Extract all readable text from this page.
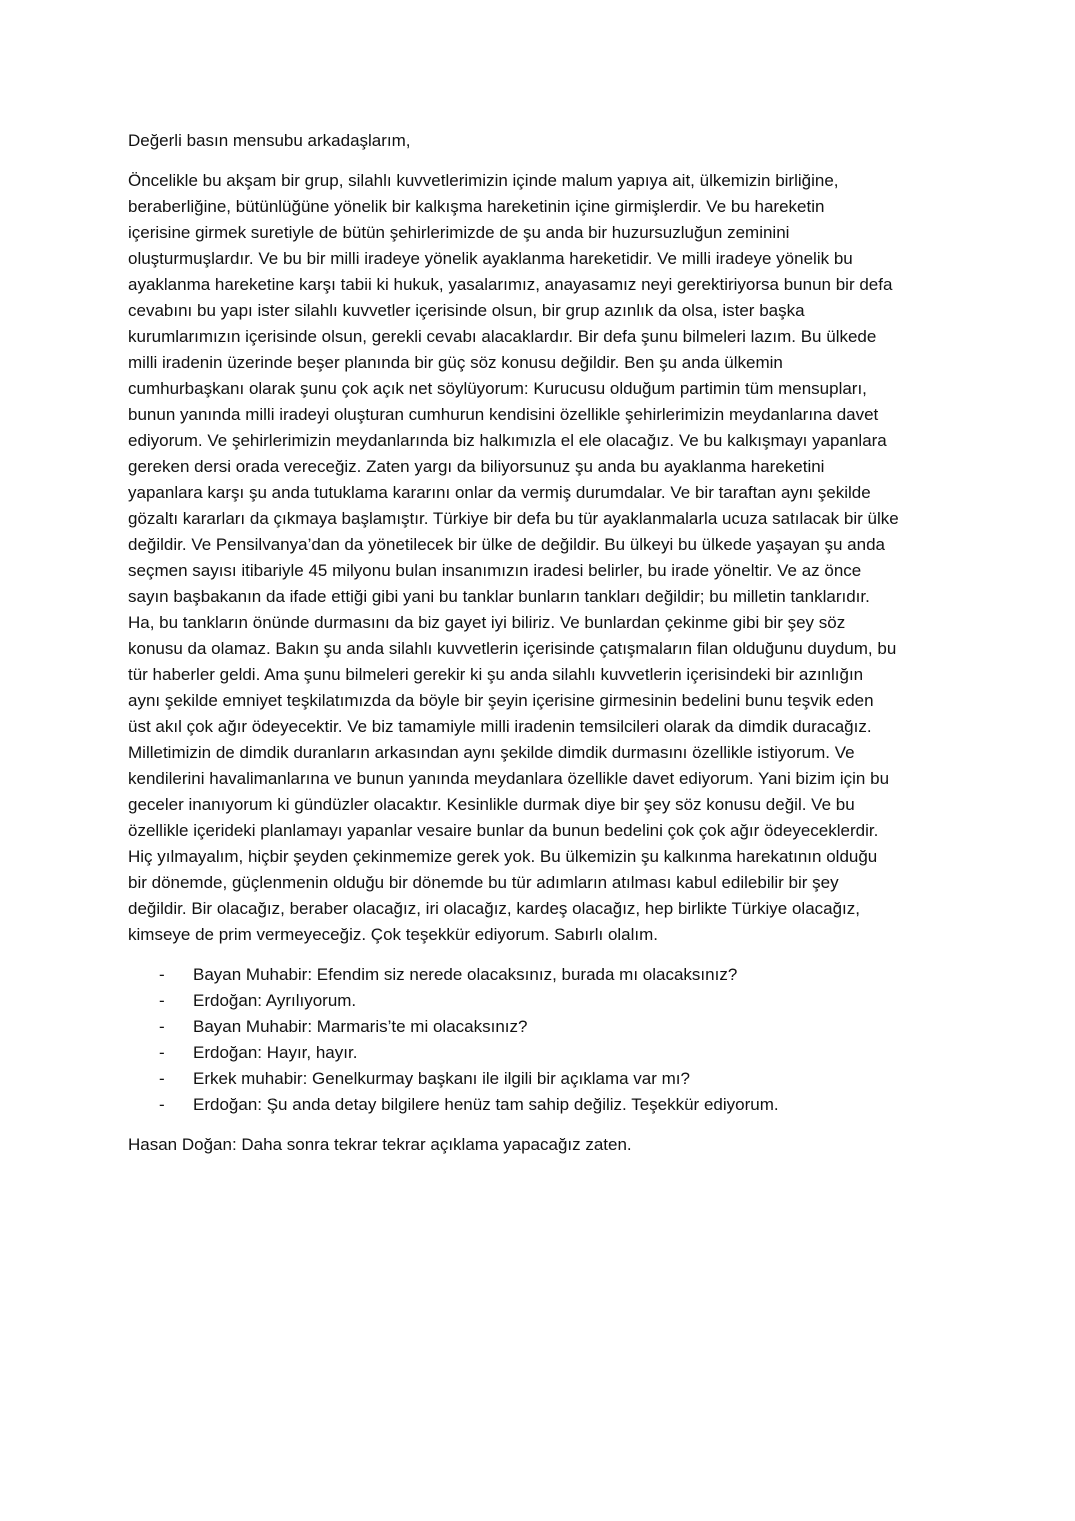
Değerli basın mensubu arkadaşlarım,

Öncelikle bu akşam bir grup, silahlı kuvvetlerimizin içinde malum yapıya ait, ülkemizin birliğine,
beraberliğine, bütünlüğüne yönelik bir kalkışma hareketinin içine girmişlerdir. Ve bu hareketin
içerisine girmek suretiyle de bütün şehirlerimizde de şu anda bir huzursuzluğun zeminini
oluşturmuşlardır. Ve bu bir milli iradeye yönelik ayaklanma hareketidir. Ve milli iradeye yönelik bu
ayaklanma hareketine karşı tabii ki hukuk, yasalarımız, anayasamız neyi gerektiriyorsa bunun bir defa
cevabını bu yapı ister silahlı kuvvetler içerisinde olsun, bir grup azınlık da olsa, ister başka
kurumlarımızın içerisinde olsun, gerekli cevabı alacaklardır. Bir defa şunu bilmeleri lazım. Bu ülkede
milli iradenin üzerinde beşer planında bir güç söz konusu değildir. Ben şu anda ülkemin
cumhurbaşkanı olarak şunu çok açık net söylüyorum: Kurucusu olduğum partimin tüm mensupları,
bunun yanında milli iradeyi oluşturan cumhurun kendisini özellikle şehirlerimizin meydanlarına davet
ediyorum. Ve şehirlerimizin meydanlarında biz halkımızla el ele olacağız. Ve bu kalkışmayı yapanlara
gereken dersi orada vereceğiz. Zaten yargı da biliyorsunuz şu anda bu ayaklanma hareketini
yapanlara karşı şu anda tutuklama kararını onlar da vermiş durumdalar. Ve bir taraftan aynı şekilde
gözaltı kararları da çıkmaya başlamıştır. Türkiye bir defa bu tür ayaklanmalarla ucuza satılacak bir ülke
değildir. Ve Pensilvanya’dan da yönetilecek bir ülke de değildir. Bu ülkeyi bu ülkede yaşayan şu anda
seçmen sayısı itibariyle 45 milyonu bulan insanımızın iradesi belirler, bu irade yöneltir. Ve az önce
sayın başbakanın da ifade ettiği gibi yani bu tanklar bunların tankları değildir; bu milletin tanklarıdır.
Ha, bu tankların önünde durmasını da biz gayet iyi biliriz. Ve bunlardan çekinme gibi bir şey söz
konusu da olamaz. Bakın şu anda silahlı kuvvetlerin içerisinde çatışmaların filan olduğunu duydum, bu
tür haberler geldi. Ama şunu bilmeleri gerekir ki şu anda silahlı kuvvetlerin içerisindeki bir azınlığın
aynı şekilde emniyet teşkilatımızda da böyle bir şeyin içerisine girmesinin bedelini bunu teşvik eden
üst akıl çok ağır ödeyecektir. Ve biz tamamiyle milli iradenin temsilcileri olarak da dimdik duracağız.
Milletimizin de dimdik duranların arkasından aynı şekilde dimdik durmasını özellikle istiyorum. Ve
kendilerini havalimanlarına ve bunun yanında meydanlara özellikle davet ediyorum. Yani bizim için bu
geceler inanıyorum ki gündüzler olacaktır. Kesinlikle durmak diye bir şey söz konusu değil. Ve bu
özellikle içerideki planlamayı yapanlar vesaire bunlar da bunun bedelini çok çok ağır ödeyeceklerdir.
Hiç yılmayalım, hiçbir şeyden çekinmemize gerek yok. Bu ülkemizin şu kalkınma harekatının olduğu
bir dönemde, güçlenmenin olduğu bir dönemde bu tür adımların atılması kabul edilebilir bir şey
değildir. Bir olacağız, beraber olacağız, iri olacağız, kardeş olacağız, hep birlikte Türkiye olacağız,
kimseye de prim vermeyeceğiz. Çok teşekkür ediyorum. Sabırlı olalım.
- Bayan Muhabir: Efendim siz nerede olacaksınız, burada mı olacaksınız?
- Erdoğan: Ayrılıyorum.
- Bayan Muhabir: Marmaris’te mi olacaksınız?
- Erdoğan: Hayır, hayır.
- Erkek muhabir: Genelkurmay başkanı ile ilgili bir açıklama var mı?
- Erdoğan: Şu anda detay bilgilere henüz tam sahip değiliz. Teşekkür ediyorum.

Hasan Doğan: Daha sonra tekrar tekrar açıklama yapacağız zaten.
